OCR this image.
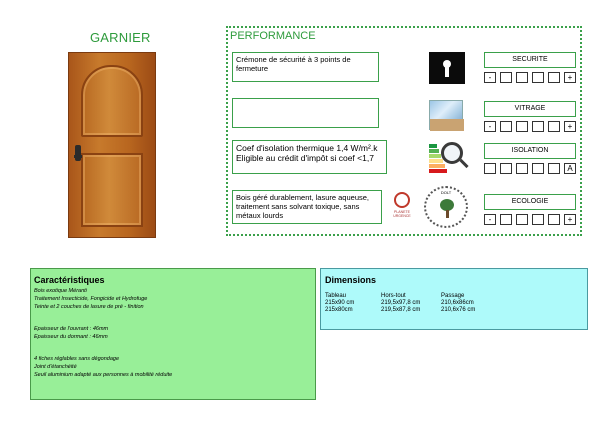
GARNIER	PERFORMANCE
Crémone de sécurité à 3 points de fermeture
Coef d'isolation thermique 1,4 W/m².k Eligible au crédit d'impôt si coef <1,7
Bois géré durablement, lasure aqueuse, traitement sans solvant toxique, sans métaux lourds	PLANETE URGENCE
DOLT
SECURITE
-	+
VITRAGE
-	+
ISOLATION
A
ECOLOGIE
-	+
Caractéristiques

Bois exotique Méranti

Traitement Insecticide, Fongicide et Hydrofuge

Teinte et 2 couches de lasure de pré - finition

Epaisseur de l'ouvrant : 46mm

Epaisseur du dormant : 46mm

4 fiches réglables sans dégondage

Joint d'étanchéité

Seuil aluminium adapté aux personnes à mobilité réduite

Dimensions
Tableau	Hors-tout	Passage
215x90 cm	219,5x97,8 cm	210,6x86cm
215x80cm	219,5x87,8 cm	210,6x76 cm
